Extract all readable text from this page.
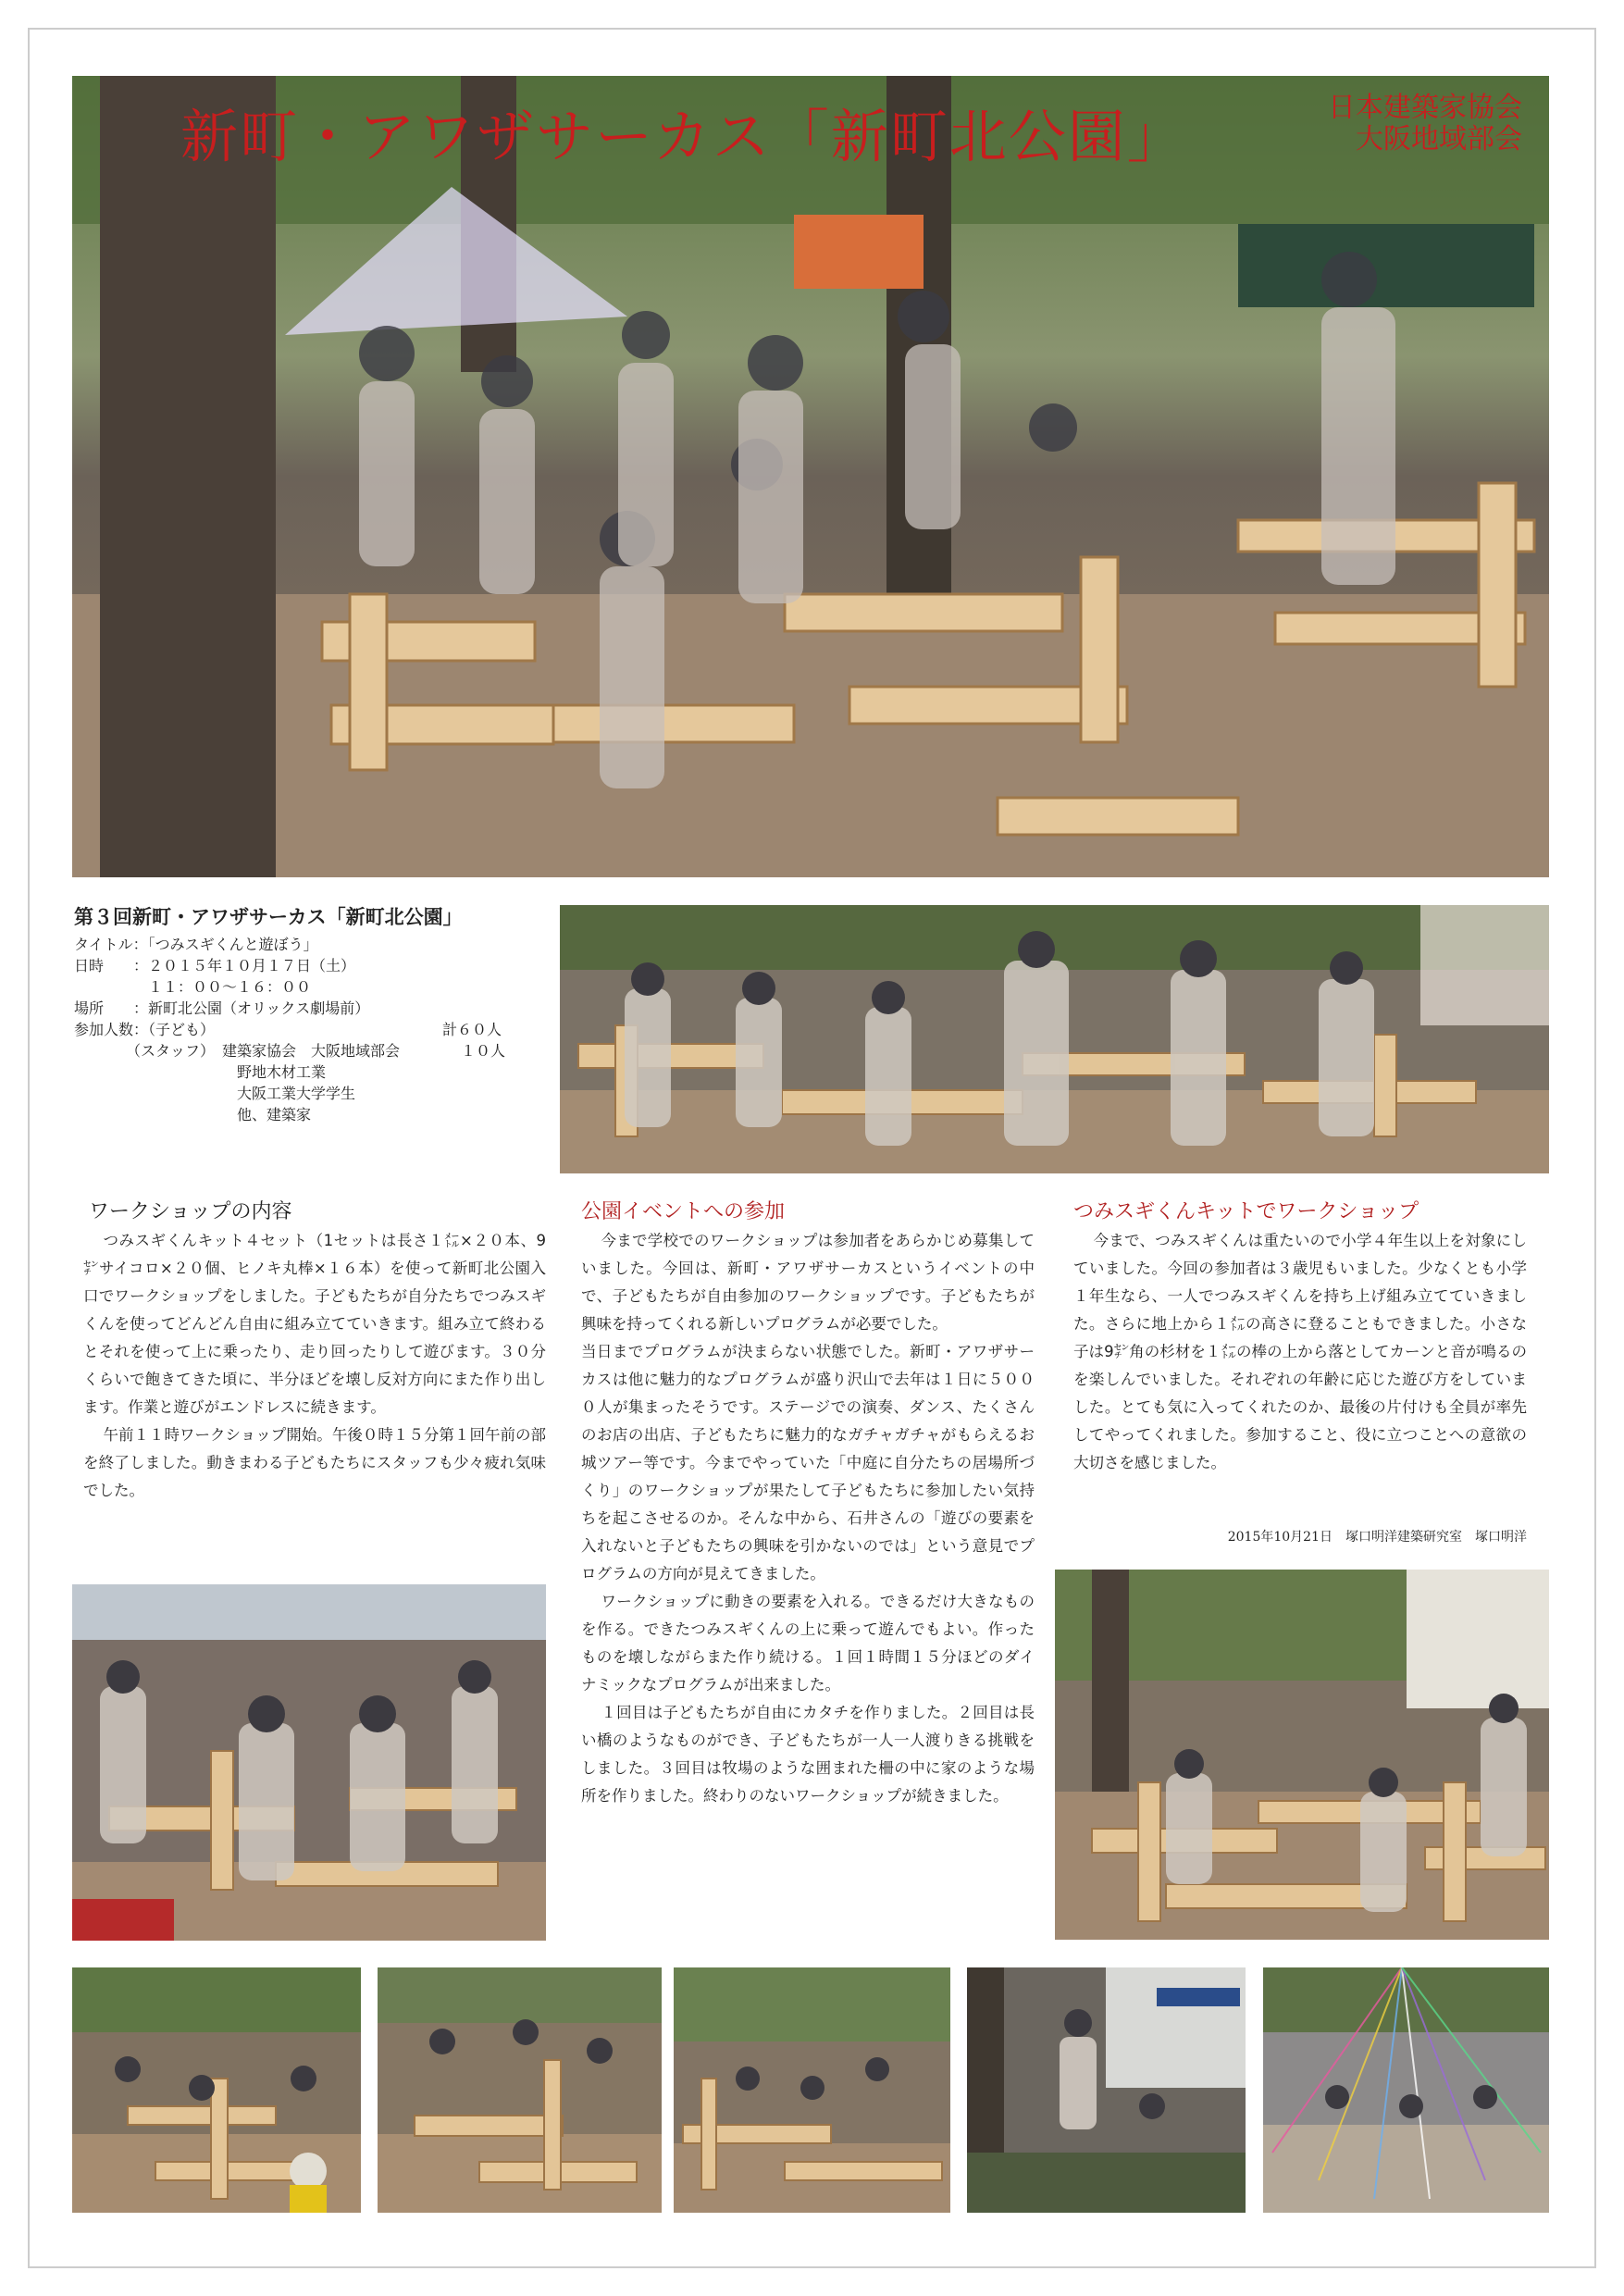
新町・アワザサーカス「新町北公園」	日本建築家協会
大阪地域部会
第３回新町・アワザサーカス「新町北公園」
タイトル：「つみスギくんと遊ぼう」
日時　　：２０１５年１０月１７日（土）
　　　　　１１：００～１６：００
場所　　：新町北公園（オリックス劇場前）
参加人数：（子ども）	計６０人
　　　　（スタッフ）　建築家協会　大阪地域部会	１０人
　　　　　　　　　　　野地木材工業
　　　　　　　　　　　大阪工業大学学生
　　　　　　　　　　　他、建築家
ワークショップの内容

つみスギくんキット４セット（1セットは長さ１㍍×２０本、9㌢サイコロ×２０個、ヒノキ丸棒×１６本）を使って新町北公園入口でワークショップをしました。子どもたちが自分たちでつみスギくんを使ってどんどん自由に組み立てていきます。組み立て終わるとそれを使って上に乗ったり、走り回ったりして遊びます。３０分くらいで飽きてきた頃に、半分ほどを壊し反対方向にまた作り出します。作業と遊びがエンドレスに続きます。

午前１１時ワークショップ開始。午後０時１５分第１回午前の部を終了しました。動きまわる子どもたちにスタッフも少々疲れ気味でした。

公園イベントへの参加

今まで学校でのワークショップは参加者をあらかじめ募集していました。今回は、新町・アワザサーカスというイベントの中で、子どもたちが自由参加のワークショップです。子どもたちが興味を持ってくれる新しいプログラムが必要でした。

当日までプログラムが決まらない状態でした。新町・アワザサーカスは他に魅力的なプログラムが盛り沢山で去年は１日に５０００人が集まったそうです。ステージでの演奏、ダンス、たくさんのお店の出店、子どもたちに魅力的なガチャガチャがもらえるお城ツアー等です。今までやっていた「中庭に自分たちの居場所づくり」のワークショップが果たして子どもたちに参加したい気持ちを起こさせるのか。そんな中から、石井さんの「遊びの要素を入れないと子どもたちの興味を引かないのでは」という意見でプログラムの方向が見えてきました。

ワークショップに動きの要素を入れる。できるだけ大きなものを作る。できたつみスギくんの上に乗って遊んでもよい。作ったものを壊しながらまた作り続ける。１回１時間１５分ほどのダイナミックなプログラムが出来ました。

１回目は子どもたちが自由にカタチを作りました。２回目は長い橋のようなものができ、子どもたちが一人一人渡りきる挑戦をしました。３回目は牧場のような囲まれた柵の中に家のような場所を作りました。終わりのないワークショップが続きました。

つみスギくんキットでワークショップ

今まで、つみスギくんは重たいので小学４年生以上を対象にしていました。今回の参加者は３歳児もいました。少なくとも小学１年生なら、一人でつみスギくんを持ち上げ組み立てていきました。さらに地上から１㍍の高さに登ることもできました。小さな子は9㌢角の杉材を１㍍の棒の上から落としてカーンと音が鳴るのを楽しんでいました。それぞれの年齢に応じた遊び方をしていました。とても気に入ってくれたのか、最後の片付けも全員が率先してやってくれました。参加すること、役に立つことへの意欲の大切さを感じました。

2015年10月21日　塚口明洋建築研究室　塚口明洋
